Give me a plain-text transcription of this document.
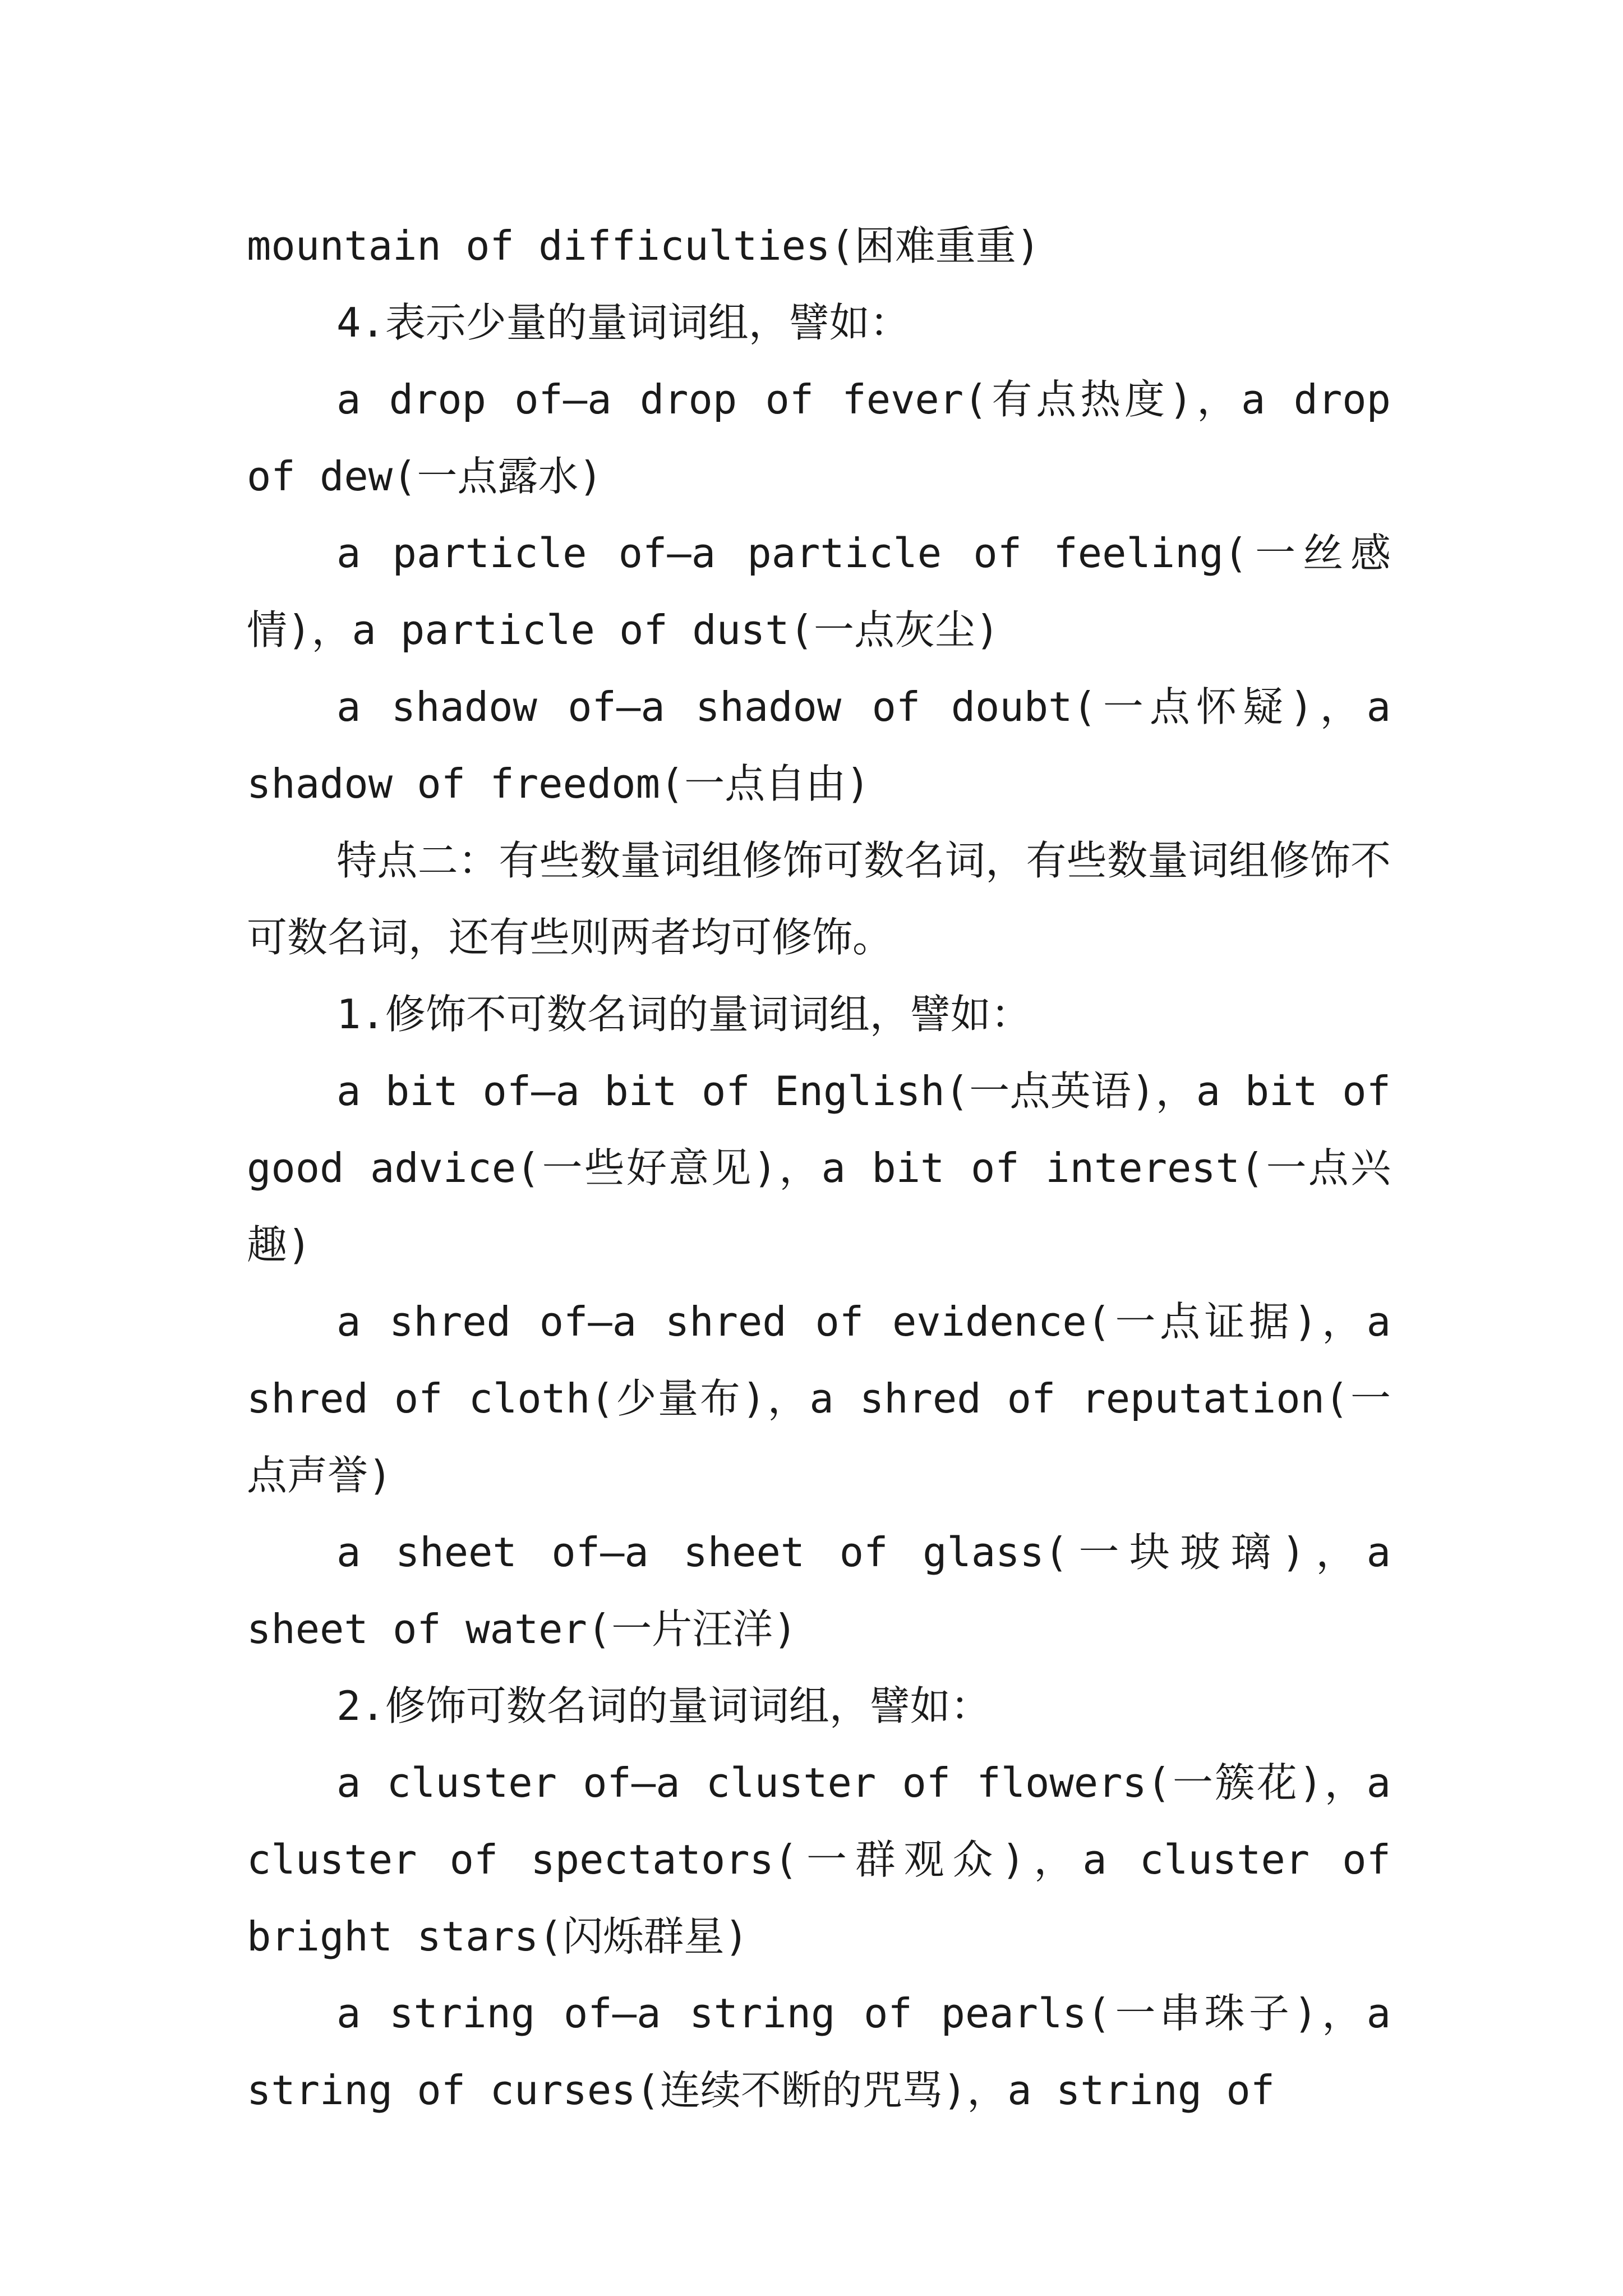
mountain of difficulties(困难重重)

4.表示少量的量词词组，譬如：

a drop of—a drop of fever(有点热度)，a drop of dew(一点露水)

a particle of—a particle of feeling(一丝感情)，a particle of dust(一点灰尘)

a shadow of—a shadow of doubt(一点怀疑)，a shadow of freedom(一点自由)

特点二：有些数量词组修饰可数名词，有些数量词组修饰不可数名词，还有些则两者均可修饰。

1.修饰不可数名词的量词词组，譬如：

a bit of—a bit of English(一点英语)，a bit of good advice(一些好意见)，a bit of interest(一点兴趣)

a shred of—a shred of evidence(一点证据)，a shred of cloth(少量布)，a shred of reputation(一点声誉)

a sheet of—a sheet of glass(一块玻璃)，a sheet of water(一片汪洋)

2.修饰可数名词的量词词组，譬如：

a cluster of—a cluster of flowers(一簇花)，a cluster of spectators(一群观众)，a cluster of bright stars(闪烁群星)

a string of—a string of pearls(一串珠子)，a string of curses(连续不断的咒骂)，a string of
